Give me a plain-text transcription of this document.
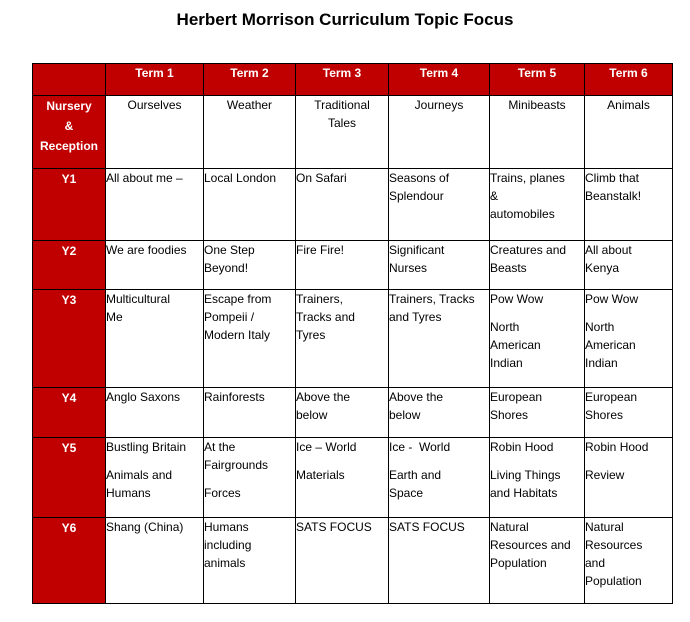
Herbert Morrison Curriculum Topic Focus
	Term 1	Term 2	Term 3	Term 4	Term 5	Term 6

Nursery
&
Reception	Ourselves	Weather	Traditional
Tales	Journeys	Minibeasts	Animals

Y1	All about me –	Local London	On Safari	Seasons of
Splendour	Trains, planes
&
automobiles	Climb that
Beanstalk!

Y2	We are foodies	One Step
Beyond!	Fire Fire!	Significant
Nurses	Creatures and
Beasts	All about
Kenya

Y3	Multicultural
Me	Escape from
Pompeii /
Modern Italy	Trainers,
Tracks and
Tyres	Trainers, Tracks
and Tyres	Pow Wow
North
American
Indian	Pow Wow
North
American
Indian

Y4	Anglo Saxons	Rainforests	Above the
below	Above the
below	European
Shores	European
Shores

Y5	Bustling Britain
Animals and
Humans	At the
Fairgrounds
Forces	Ice – World
Materials	Ice -  World
Earth and
Space	Robin Hood
Living Things
and Habitats	Robin Hood
Review

Y6	Shang (China)	Humans
including
animals	SATS FOCUS	SATS FOCUS	Natural
Resources and
Population	Natural
Resources
and
Population
